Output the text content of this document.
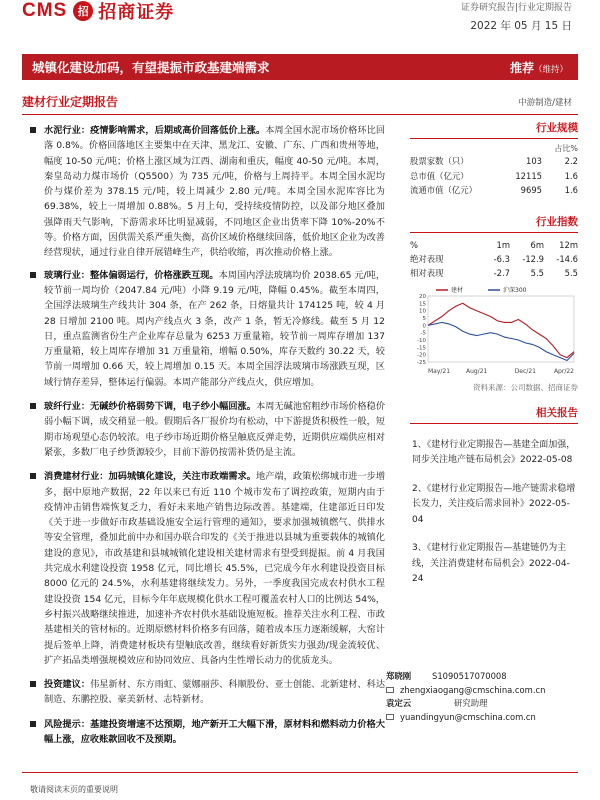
CMS 招 招商证券	证券研究报告|行业定期报告
2022 年 05 月 15 日
城镇化建设加码，有望提振市政基建端需求	推荐（维持）
建材行业定期报告	中游制造/建材
水泥行业：疫情影响需求，后期或高价回落低价上涨。本周全国水泥市场价格环比回落 0.8%。价格回落地区主要集中在天津、黑龙江、安徽、广东、广西和贵州等地，幅度 10-50 元/吨；价格上涨区域为江西、湖南和重庆，幅度 40-50 元/吨。本周，秦皇岛动力煤市场价（Q5500）为 735 元/吨，价格与上周持平。本周全国水泥均价与煤价差为 378.15 元/吨，较上周减少 2.80 元/吨。本周全国水泥库容比为 69.38%，较上一周增加 0.88%。5 月上旬，受持续疫情防控，以及部分地区叠加强降雨天气影响，下游需求环比明显减弱，不同地区企业出货率下降 10%-20%不等。价格方面，因供需关系严重失衡，高价区域价格继续回落，低价地区企业为改善经营现状，通过行业自律开展错峰生产，供给收缩，再次推动价格上涨。
玻璃行业：整体偏弱运行，价格涨跌互现。本周国内浮法玻璃均价 2038.65 元/吨，较节前一周均价（2047.84 元/吨）小降 9.19 元/吨，降幅 0.45%。截至本周四，全国浮法玻璃生产线共计 304 条，在产 262 条，日熔量共计 174125 吨，较 4 月 28 日增加 2100 吨。周内产线点火 3 条，改产 1 条，暂无冷修线。截至 5 月 12 日，重点监测省份生产企业库存总量为 6253 万重量箱，较节前一周库存增加 137 万重量箱，较上周库存增加 31 万重量箱，增幅 0.50%，库存天数约 30.22 天，较节前一周增加 0.66 天，较上周增加 0.15 天。本周全国浮法玻璃市场涨跌互现，区域行情存差异，整体运行偏弱。本周产能部分产线点火，供应增加。
玻纤行业：无碱纱价格弱势下调，电子纱小幅回涨。本周无碱池窑粗纱市场价格稳价弱小幅下调，成交稍显一般。假期后各厂报价均有松动，中下游提货积极性一般，短期市场观望心态仍较浓。电子纱市场近期价格呈触底反弹走势，近期供应端供应相对紧张，多数厂电子纱货源较少，目前下游仍按需补货仍是主流。
消费建材行业：加码城镇化建设，关注市政端需求。地产端，政策松绑城市进一步增多，据中原地产数据，22 年以来已有近 110 个城市发布了调控政策，短期内由于疫情冲击销售端恢复乏力，看好未来地产销售边际改善。基建端，住建部近日印发《关于进一步做好市政基础设施安全运行管理的通知》，要求加强城镇燃气、供排水等安全管理，叠加此前中办和国办联合印发的《关于推进以县城为重要载体的城镇化建设的意见》，市政基建和县城城镇化建设相关建材需求有望受到提振。前 4 月我国共完成水利建设投资 1958 亿元，同比增长 45.5%，已完成今年水利建设投资目标 8000 亿元的 24.5%，水利基建将继续发力。另外，一季度我国完成农村供水工程建设投资 154 亿元，目标今年年底规模化供水工程可覆盖农村人口的比例达 54%，乡村振兴战略继续推进，加速补齐农村供水基础设施短板。推荐关注水利工程、市政基建相关的管材标的。近期原燃材料价格多有回落，随着成本压力逐渐缓解，大窑计提后签单上降，消费建材板块有望触底改善，继续看好新货实力强劲/现金流较优、扩产拓品类增强规模效应和协同效应、具备内生性增长动力的优质龙头。
投资建议：伟星新材、东方雨虹、蒙娜丽莎、科顺股份、亚士创能、北新建材、科达制造、东鹏控股、豪美新材、志特新材。
风险提示：基建投资增速不达预期，地产新开工大幅下滑，原材料和燃料动力价格大幅上涨，应收账款回收不及预期。
行业规模
占比%
股票家数（只）	103	2.2
总市值（亿元）	12115	1.6
流通市值（亿元）	9695	1.6
行业指数
%	1m	6m	12m
绝对表现	-6.3	-12.9	-14.6
相对表现	-2.7	5.5	5.5
20
15
10
5
0
-5
-10
-15
-20
-25
May/21	Aug/21	Dec/21	Apr/22
建材	沪深300
资料来源：公司数据、招商证券
相关报告
1、《建材行业定期报告—基建全面加强，同步关注地产链布局机会》2022-05-08
2、《建材行业定期报告—地产链需求稳增长发力，关注疫后需求回补》2022-05-04
3、《建材行业定期报告—基建链仍为主线，关注消费建材布局机会》2022-04-24
郑晓刚 S1090517070008
zhengxiaogang@cmschina.com.cn
袁定云	研究助理
yuandingyun@cmschina.com.cn
敬请阅读末页的重要说明
